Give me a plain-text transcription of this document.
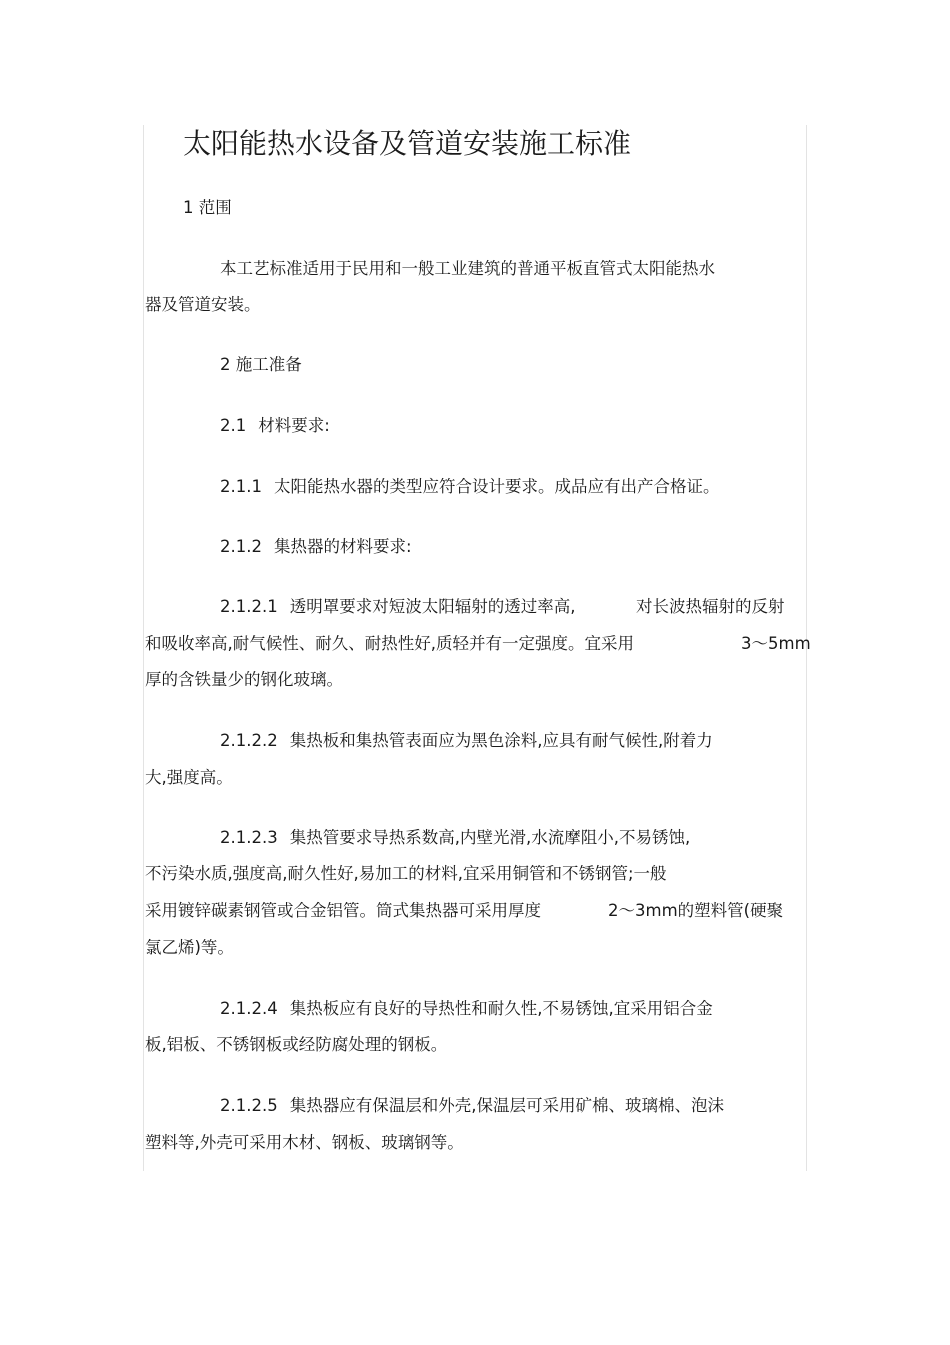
太阳能热水设备及管道安装施工标准
1 范围
本工艺标准适用于民用和一般工业建筑的普通平板直管式太阳能热水
器及管道安装。
2 施工准备
2.1 材料要求:
2.1.1 太阳能热水器的类型应符合设计要求。成品应有出产合格证。
2.1.2 集热器的材料要求:
2.1.2.1 透明罩要求对短波太阳辐射的透过率高,	对长波热辐射的反射
和吸收率高,耐气候性、耐久、耐热性好,质轻并有一定强度。宜采用	3～5mm
厚的含铁量少的钢化玻璃。
2.1.2.2 集热板和集热管表面应为黑色涂料,应具有耐气候性,附着力
大,强度高。
2.1.2.3 集热管要求导热系数高,内壁光滑,水流摩阻小,不易锈蚀,
不污染水质,强度高,耐久性好,易加工的材料,宜采用铜管和不锈钢管;一般
采用镀锌碳素钢管或合金铝管。筒式集热器可采用厚度	2～3mm的塑料管(硬聚
氯乙烯)等。
2.1.2.4 集热板应有良好的导热性和耐久性,不易锈蚀,宜采用铝合金
板,铝板、不锈钢板或经防腐处理的钢板。
2.1.2.5 集热器应有保温层和外壳,保温层可采用矿棉、玻璃棉、泡沫
塑料等,外壳可采用木材、钢板、玻璃钢等。
